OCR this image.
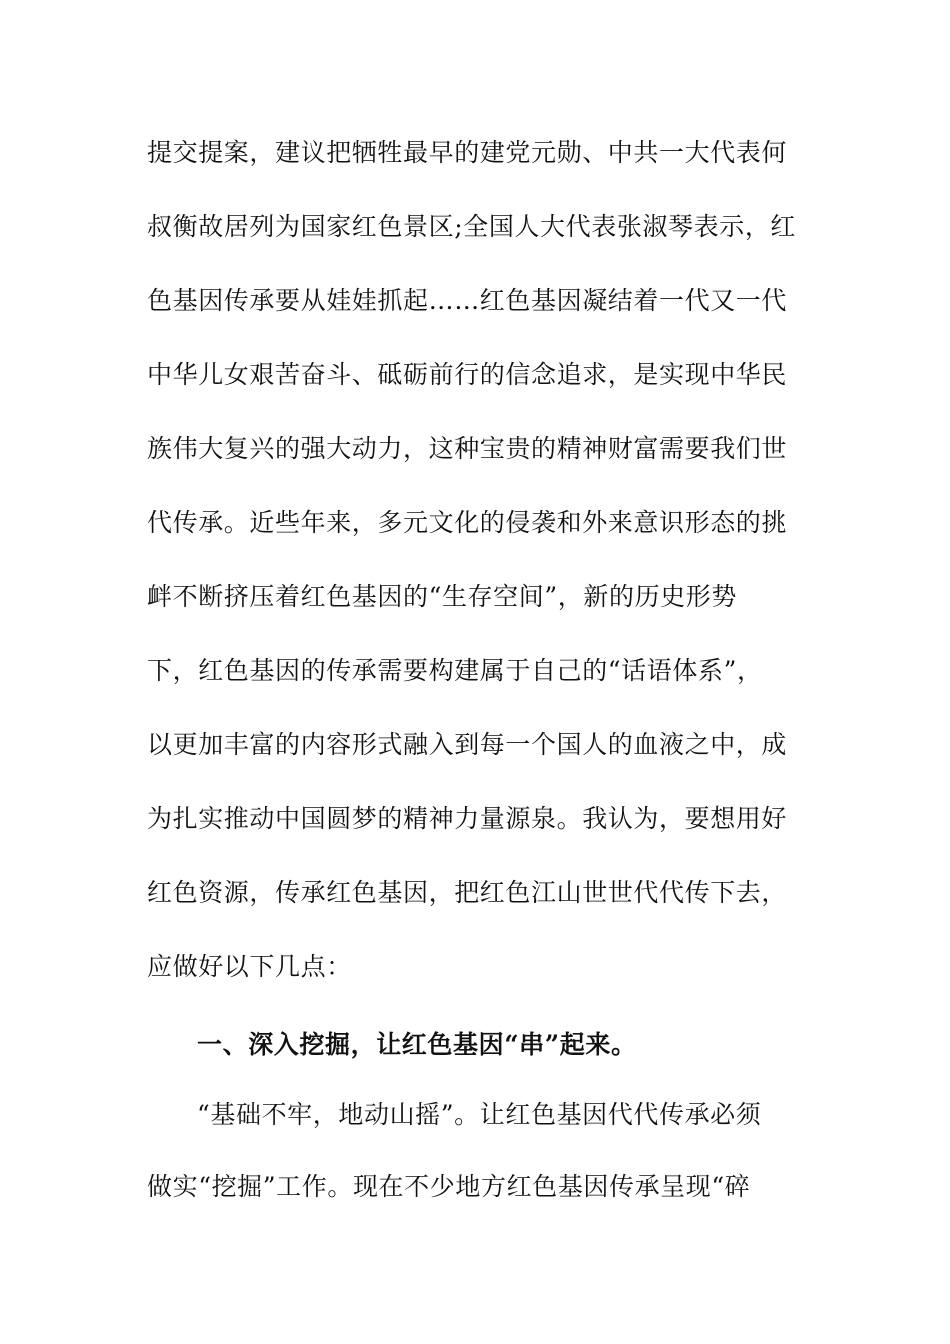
提交提案，建议把牺牲最早的建党元勋、中共一大代表何
叔衡故居列为国家红色景区;全国人大代表张淑琴表示，红
色基因传承要从娃娃抓起……红色基因凝结着一代又一代
中华儿女艰苦奋斗、砥砺前行的信念追求，是实现中华民
族伟大复兴的强大动力，这种宝贵的精神财富需要我们世
代传承。近些年来，多元文化的侵袭和外来意识形态的挑
衅不断挤压着红色基因的“生存空间”，新的历史形势
下，红色基因的传承需要构建属于自己的“话语体系”，
以更加丰富的内容形式融入到每一个国人的血液之中，成
为扎实推动中国圆梦的精神力量源泉。我认为，要想用好
红色资源，传承红色基因，把红色江山世世代代传下去，
应做好以下几点：
一、深入挖掘，让红色基因“串”起来。
“基础不牢，地动山摇”。让红色基因代代传承必须
做实“挖掘”工作。现在不少地方红色基因传承呈现“碎
